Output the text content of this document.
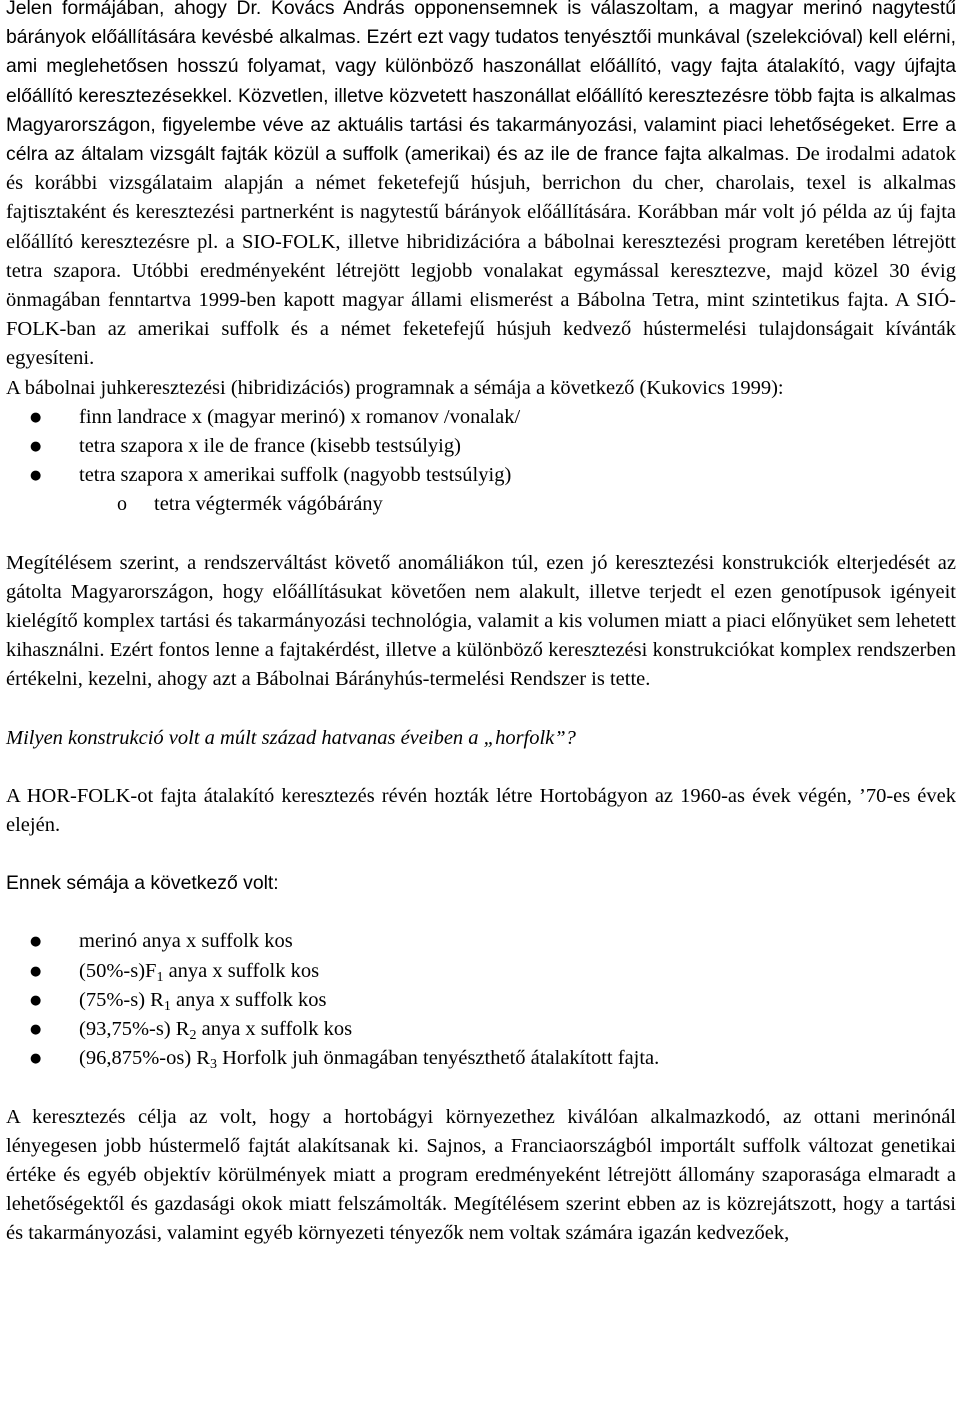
Jelen formájában, ahogy Dr. Kovács András opponensemnek is válaszoltam, a magyar merinó nagytestű bárányok előállítására kevésbé alkalmas. Ezért ezt vagy tudatos tenyésztői munkával (szelekcióval) kell elérni, ami meglehetősen hosszú folyamat, vagy különböző haszonállat előállító, vagy fajta átalakító, vagy újfajta előállító keresztezésekkel. Közvetlen, illetve közvetett haszonállat előállító keresztezésre több fajta is alkalmas Magyarországon, figyelembe véve az aktuális tartási és takarmányozási, valamint piaci lehetőségeket. Erre a célra az általam vizsgált fajták közül a suffolk (amerikai) és az ile de france fajta alkalmas. De irodalmi adatok és korábbi vizsgálataim alapján a német feketefejű húsjuh, berrichon du cher, charolais, texel is alkalmas fajtisztaként és keresztezési partnerként is nagytestű bárányok előállítására. Korábban már volt jó példa az új fajta előállító keresztezésre pl. a SIO-FOLK, illetve hibridizációra a bábolnai keresztezési program keretében létrejött tetra szapora. Utóbbi eredményeként létrejött legjobb vonalakat egymással keresztezve, majd közel 30 évig önmagában fenntartva 1999-ben kapott magyar állami elismerést a Bábolna Tetra, mint szintetikus fajta. A SIÓ-FOLK-ban az amerikai suffolk és a német feketefejű húsjuh kedvező hústermelési tulajdonságait kívánták egyesíteni.

A bábolnai juhkeresztezési (hibridizációs) programnak a sémája a következő (Kukovics 1999):

●	finn landrace x (magyar merinó) x romanov /vonalak/
●	tetra szapora x ile de france (kisebb testsúlyig)
●	tetra szapora x amerikai suffolk (nagyobb testsúlyig)
o	tetra végtermék vágóbárány

Megítélésem szerint, a rendszerváltást követő anomáliákon túl, ezen jó keresztezési konstrukciók elterjedését az gátolta Magyarországon, hogy előállításukat követően nem alakult, illetve terjedt el ezen genotípusok igényeit kielégítő komplex tartási és takarmányozási technológia, valamit a kis volumen miatt a piaci előnyüket sem lehetett kihasználni. Ezért fontos lenne a fajtakérdést, illetve a különböző keresztezési konstrukciókat komplex rendszerben értékelni, kezelni, ahogy azt a Bábolnai Bárányhús-termelési Rendszer is tette.

Milyen konstrukció volt a múlt század hatvanas éveiben a „horfolk”?

A HOR-FOLK-ot fajta átalakító keresztezés révén hozták létre Hortobágyon az 1960-as évek végén, ’70-es évek elején.

Ennek sémája a következő volt:

●	merinó anya x suffolk kos
●	$(50\%-s)F_1$ anya x suffolk kos
●	(75%-s) $R_1$ anya x suffolk kos
●	(93,75%-s) $R_2$ anya x suffolk kos
●	(96,875%-os) $R_3$ Horfolk juh önmagában tenyészthető átalakított fajta.

A keresztezés célja az volt, hogy a hortobágyi környezethez kiválóan alkalmazkodó, az ottani merinónál lényegesen jobb hústermelő fajtát alakítsanak ki. Sajnos, a Franciaországból importált suffolk változat genetikai értéke és egyéb objektív körülmények miatt a program eredményeként létrejött állomány szaporasága elmaradt a lehetőségektől és gazdasági okok miatt felszámolták. Megítélésem szerint ebben az is közrejátszott, hogy a tartási és takarmányozási, valamint egyéb környezeti tényezők nem voltak számára igazán kedvezőek,
